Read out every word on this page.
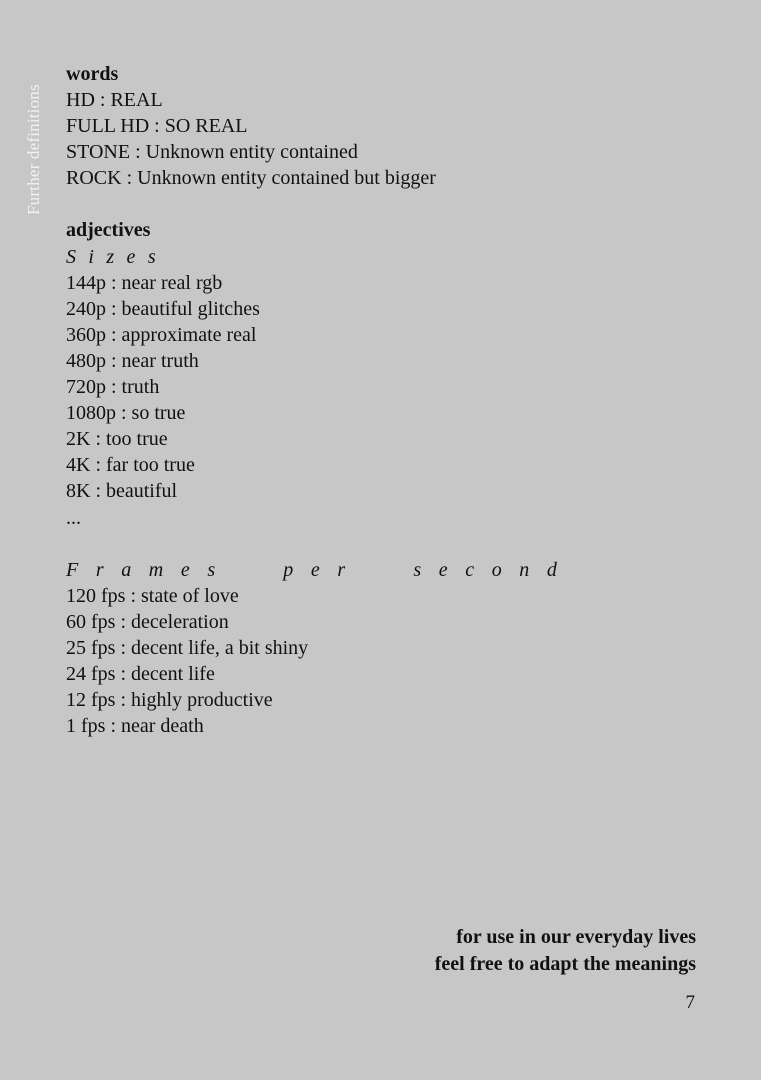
Further definitions
words
HD : REAL
FULL HD : SO REAL
STONE : Unknown entity contained
ROCK : Unknown entity contained but bigger
adjectives
Sizes
144p : near real rgb
240p : beautiful glitches
360p : approximate real
480p : near truth
720p : truth
1080p : so true
2K : too true
4K : far too true
8K : beautiful
...
Frames per second
120 fps : state of love
60 fps : deceleration
25 fps : decent life, a bit shiny
24 fps : decent life
12 fps : highly productive
1 fps : near death
for use in our everyday lives
feel free to adapt the meanings
7
